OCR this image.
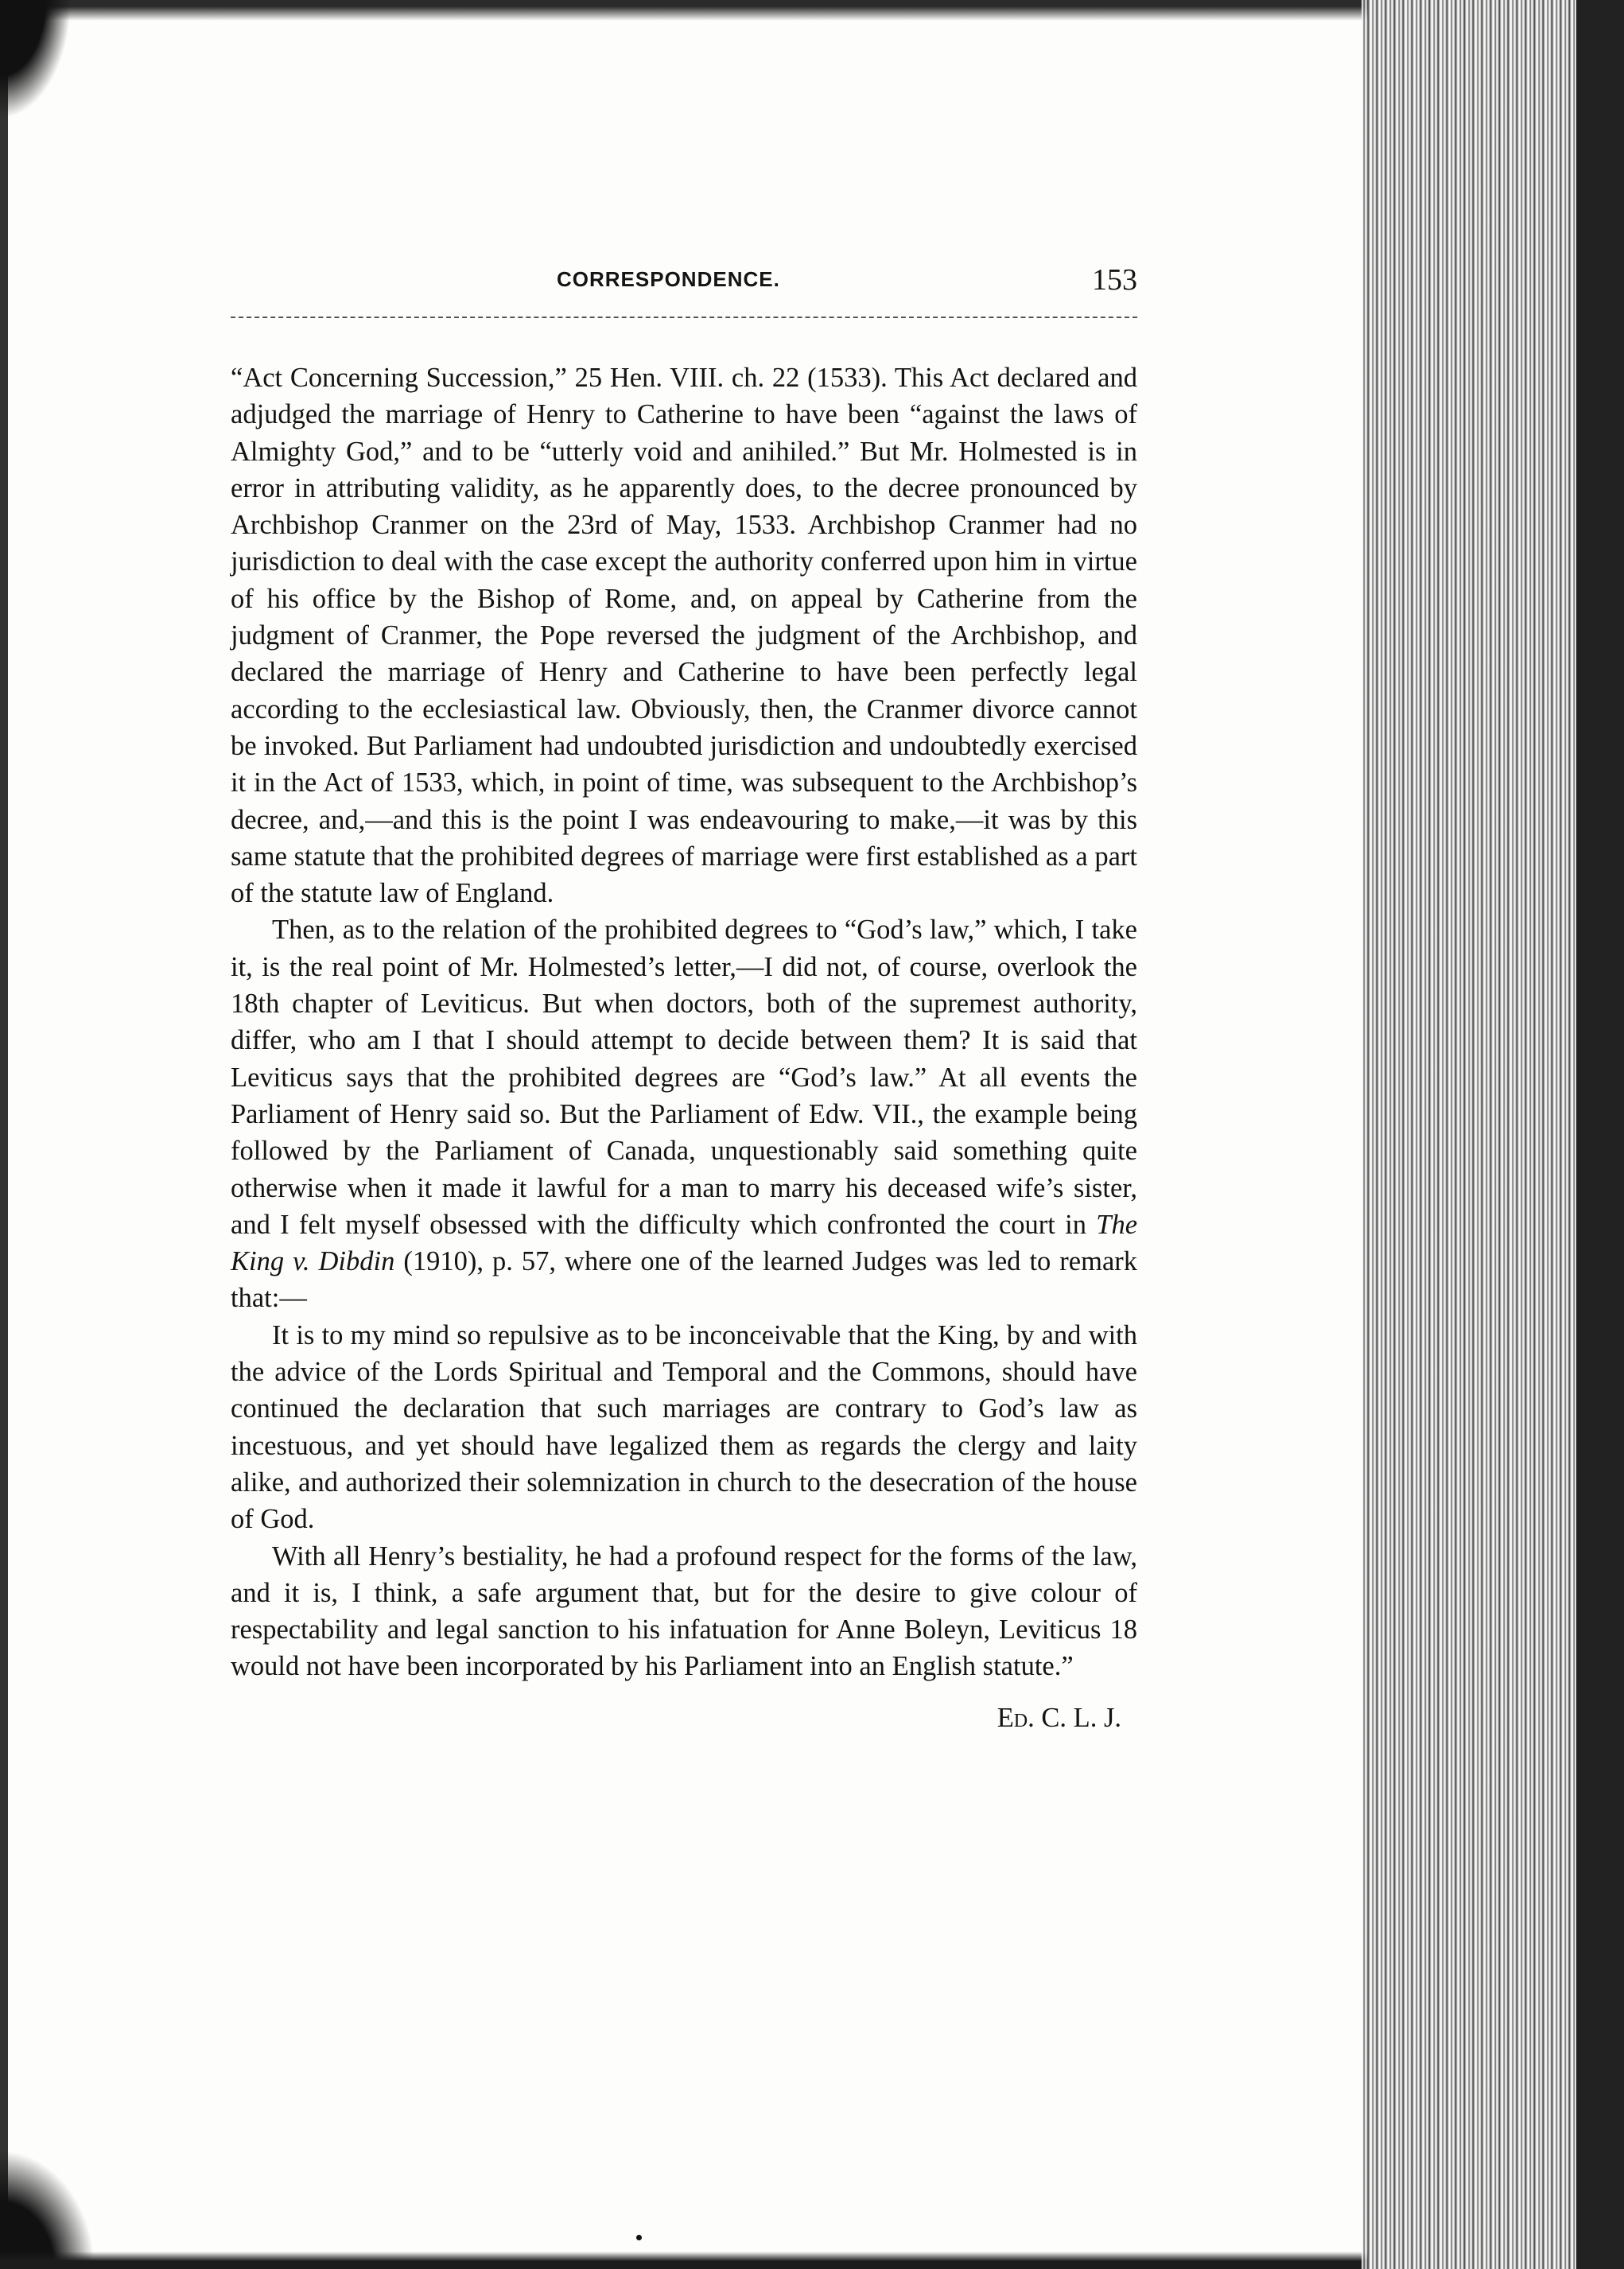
CORRESPONDENCE.	153

“Act Concerning Succession,” 25 Hen. VIII. ch. 22 (1533). This Act declared and adjudged the marriage of Henry to Catherine to have been “against the laws of Almighty God,” and to be “utterly void and anihiled.” But Mr. Holmested is in error in attributing validity, as he apparently does, to the decree pronounced by Archbishop Cranmer on the 23rd of May, 1533. Archbishop Cranmer had no jurisdiction to deal with the case except the authority conferred upon him in virtue of his office by the Bishop of Rome, and, on appeal by Catherine from the judgment of Cranmer, the Pope reversed the judgment of the Archbishop, and declared the marriage of Henry and Catherine to have been perfectly legal according to the ecclesiastical law. Obviously, then, the Cranmer divorce cannot be invoked. But Parliament had undoubted jurisdiction and undoubtedly exercised it in the Act of 1533, which, in point of time, was subsequent to the Archbishop’s decree, and,—and this is the point I was endeavouring to make,—it was by this same statute that the prohibited degrees of marriage were first established as a part of the statute law of England.

Then, as to the relation of the prohibited degrees to “God’s law,” which, I take it, is the real point of Mr. Holmested’s letter,—I did not, of course, overlook the 18th chapter of Leviticus. But when doctors, both of the supremest authority, differ, who am I that I should attempt to decide between them? It is said that Leviticus says that the prohibited degrees are “God’s law.” At all events the Parliament of Henry said so. But the Parliament of Edw. VII., the example being followed by the Parliament of Canada, unquestionably said something quite otherwise when it made it lawful for a man to marry his deceased wife’s sister, and I felt myself obsessed with the difficulty which confronted the court in The King v. Dibdin (1910), p. 57, where one of the learned Judges was led to remark that:—

It is to my mind so repulsive as to be inconceivable that the King, by and with the advice of the Lords Spiritual and Temporal and the Commons, should have continued the declaration that such marriages are contrary to God’s law as incestuous, and yet should have legalized them as regards the clergy and laity alike, and authorized their solemnization in church to the desecration of the house of God.

With all Henry’s bestiality, he had a profound respect for the forms of the law, and it is, I think, a safe argument that, but for the desire to give colour of respectability and legal sanction to his infatuation for Anne Boleyn, Leviticus 18 would not have been incorporated by his Parliament into an English statute.”

Ed. C. L. J.
